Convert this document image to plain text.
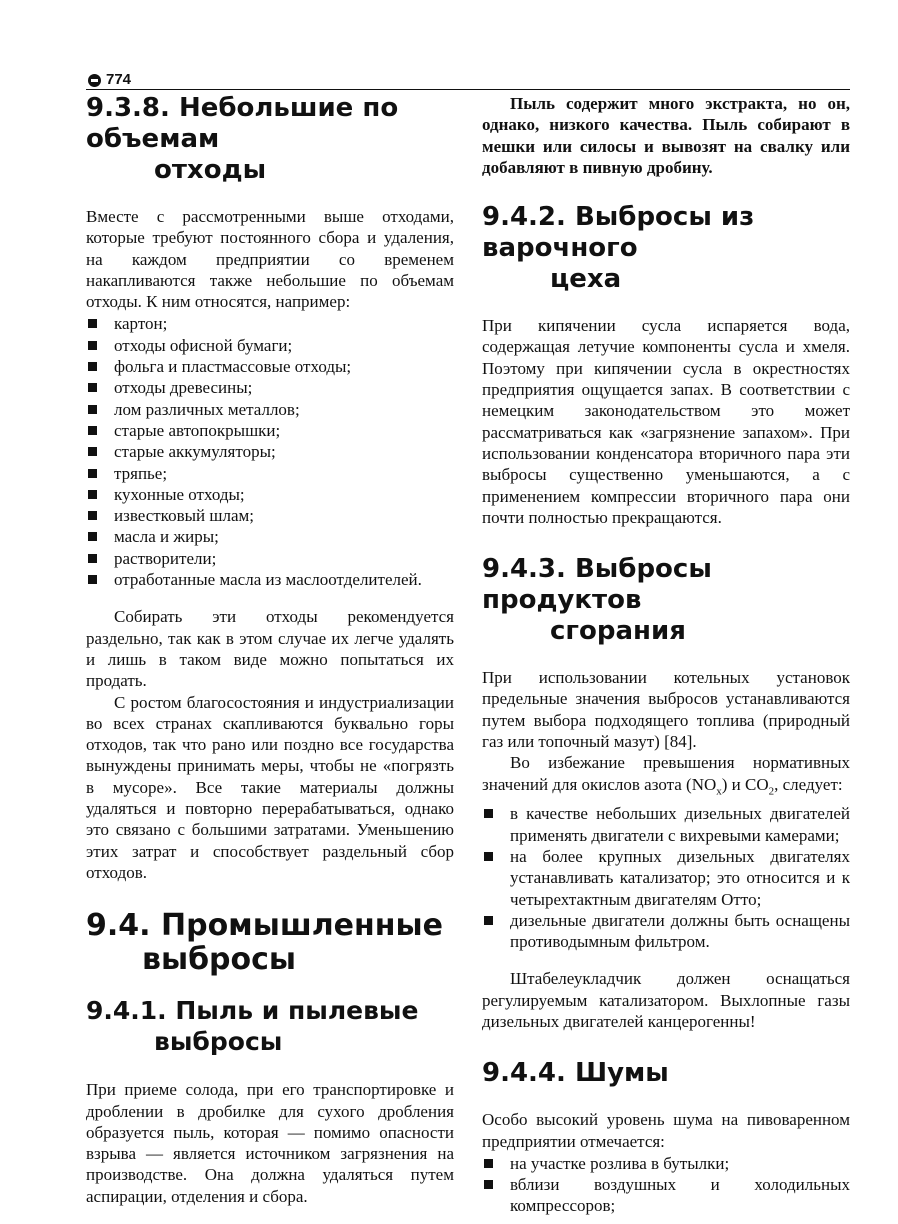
774
9.3.8. Небольшие по объемам
отходы

Вместе с рассмотренными выше отходами, которые требуют постоянного сбора и удаления, на каждом предприятии со временем накапливаются также небольшие по объемам отходы. К ним относятся, например:

картон;
отходы офисной бумаги;
фольга и пластмассовые отходы;
отходы древесины;
лом различных металлов;
старые автопокрышки;
старые аккумуляторы;
тряпье;
кухонные отходы;
известковый шлам;
масла и жиры;
растворители;
отработанные масла из маслоотделителей.

Собирать эти отходы рекомендуется раздельно, так как в этом случае их легче удалять и лишь в таком виде можно попытаться их продать.

С ростом благосостояния и индустриализации во всех странах скапливаются буквально горы отходов, так что рано или поздно все государства вынуждены принимать меры, чтобы не «погрязть в мусоре». Все такие материалы должны удаляться и повторно перерабатываться, однако это связано с большими затратами. Уменьшению этих затрат и способствует раздельный сбор отходов.

9.4. Промышленные
выбросы
9.4.1. Пыль и пылевые
выбросы

При приеме солода, при его транспортировке и дроблении в дробилке для сухого дробления образуется пыль, которая — помимо опасности взрыва — является источником загрязнения на производстве. Она должна удаляться путем аспирации, отделения и сбора.

Пыль содержит много экстракта, но он, однако, низкого качества. Пыль собирают в мешки или силосы и вывозят на свалку или добавляют в пивную дробину.

9.4.2. Выбросы из варочного
цеха

При кипячении сусла испаряется вода, содержащая летучие компоненты сусла и хмеля. Поэтому при кипячении сусла в окрестностях предприятия ощущается запах. В соответствии с немецким законодательством это может рассматриваться как «загрязнение запахом». При использовании конденсатора вторичного пара эти выбросы существенно уменьшаются, а с применением компрессии вторичного пара они почти полностью прекращаются.

9.4.3. Выбросы продуктов
сгорания

При использовании котельных установок предельные значения выбросов устанавливаются путем выбора подходящего топлива (природный газ или топочный мазут) [84].

Во избежание превышения нормативных значений для окислов азота $(NO_x)$ и $CO_2$, следует:

в качестве небольших дизельных двигателей применять двигатели с вихревыми камерами;
на более крупных дизельных двигателях устанавливать катализатор; это относится и к четырехтактным двигателям Отто;
дизельные двигатели должны быть оснащены противодымным фильтром.

Штабелеукладчик должен оснащаться регулируемым катализатором. Выхлопные газы дизельных двигателей канцерогенны!

9.4.4. Шумы

Особо высокий уровень шума на пивоваренном предприятии отмечается:

на участке розлива в бутылки;
вблизи воздушных и холодильных компрессоров;
